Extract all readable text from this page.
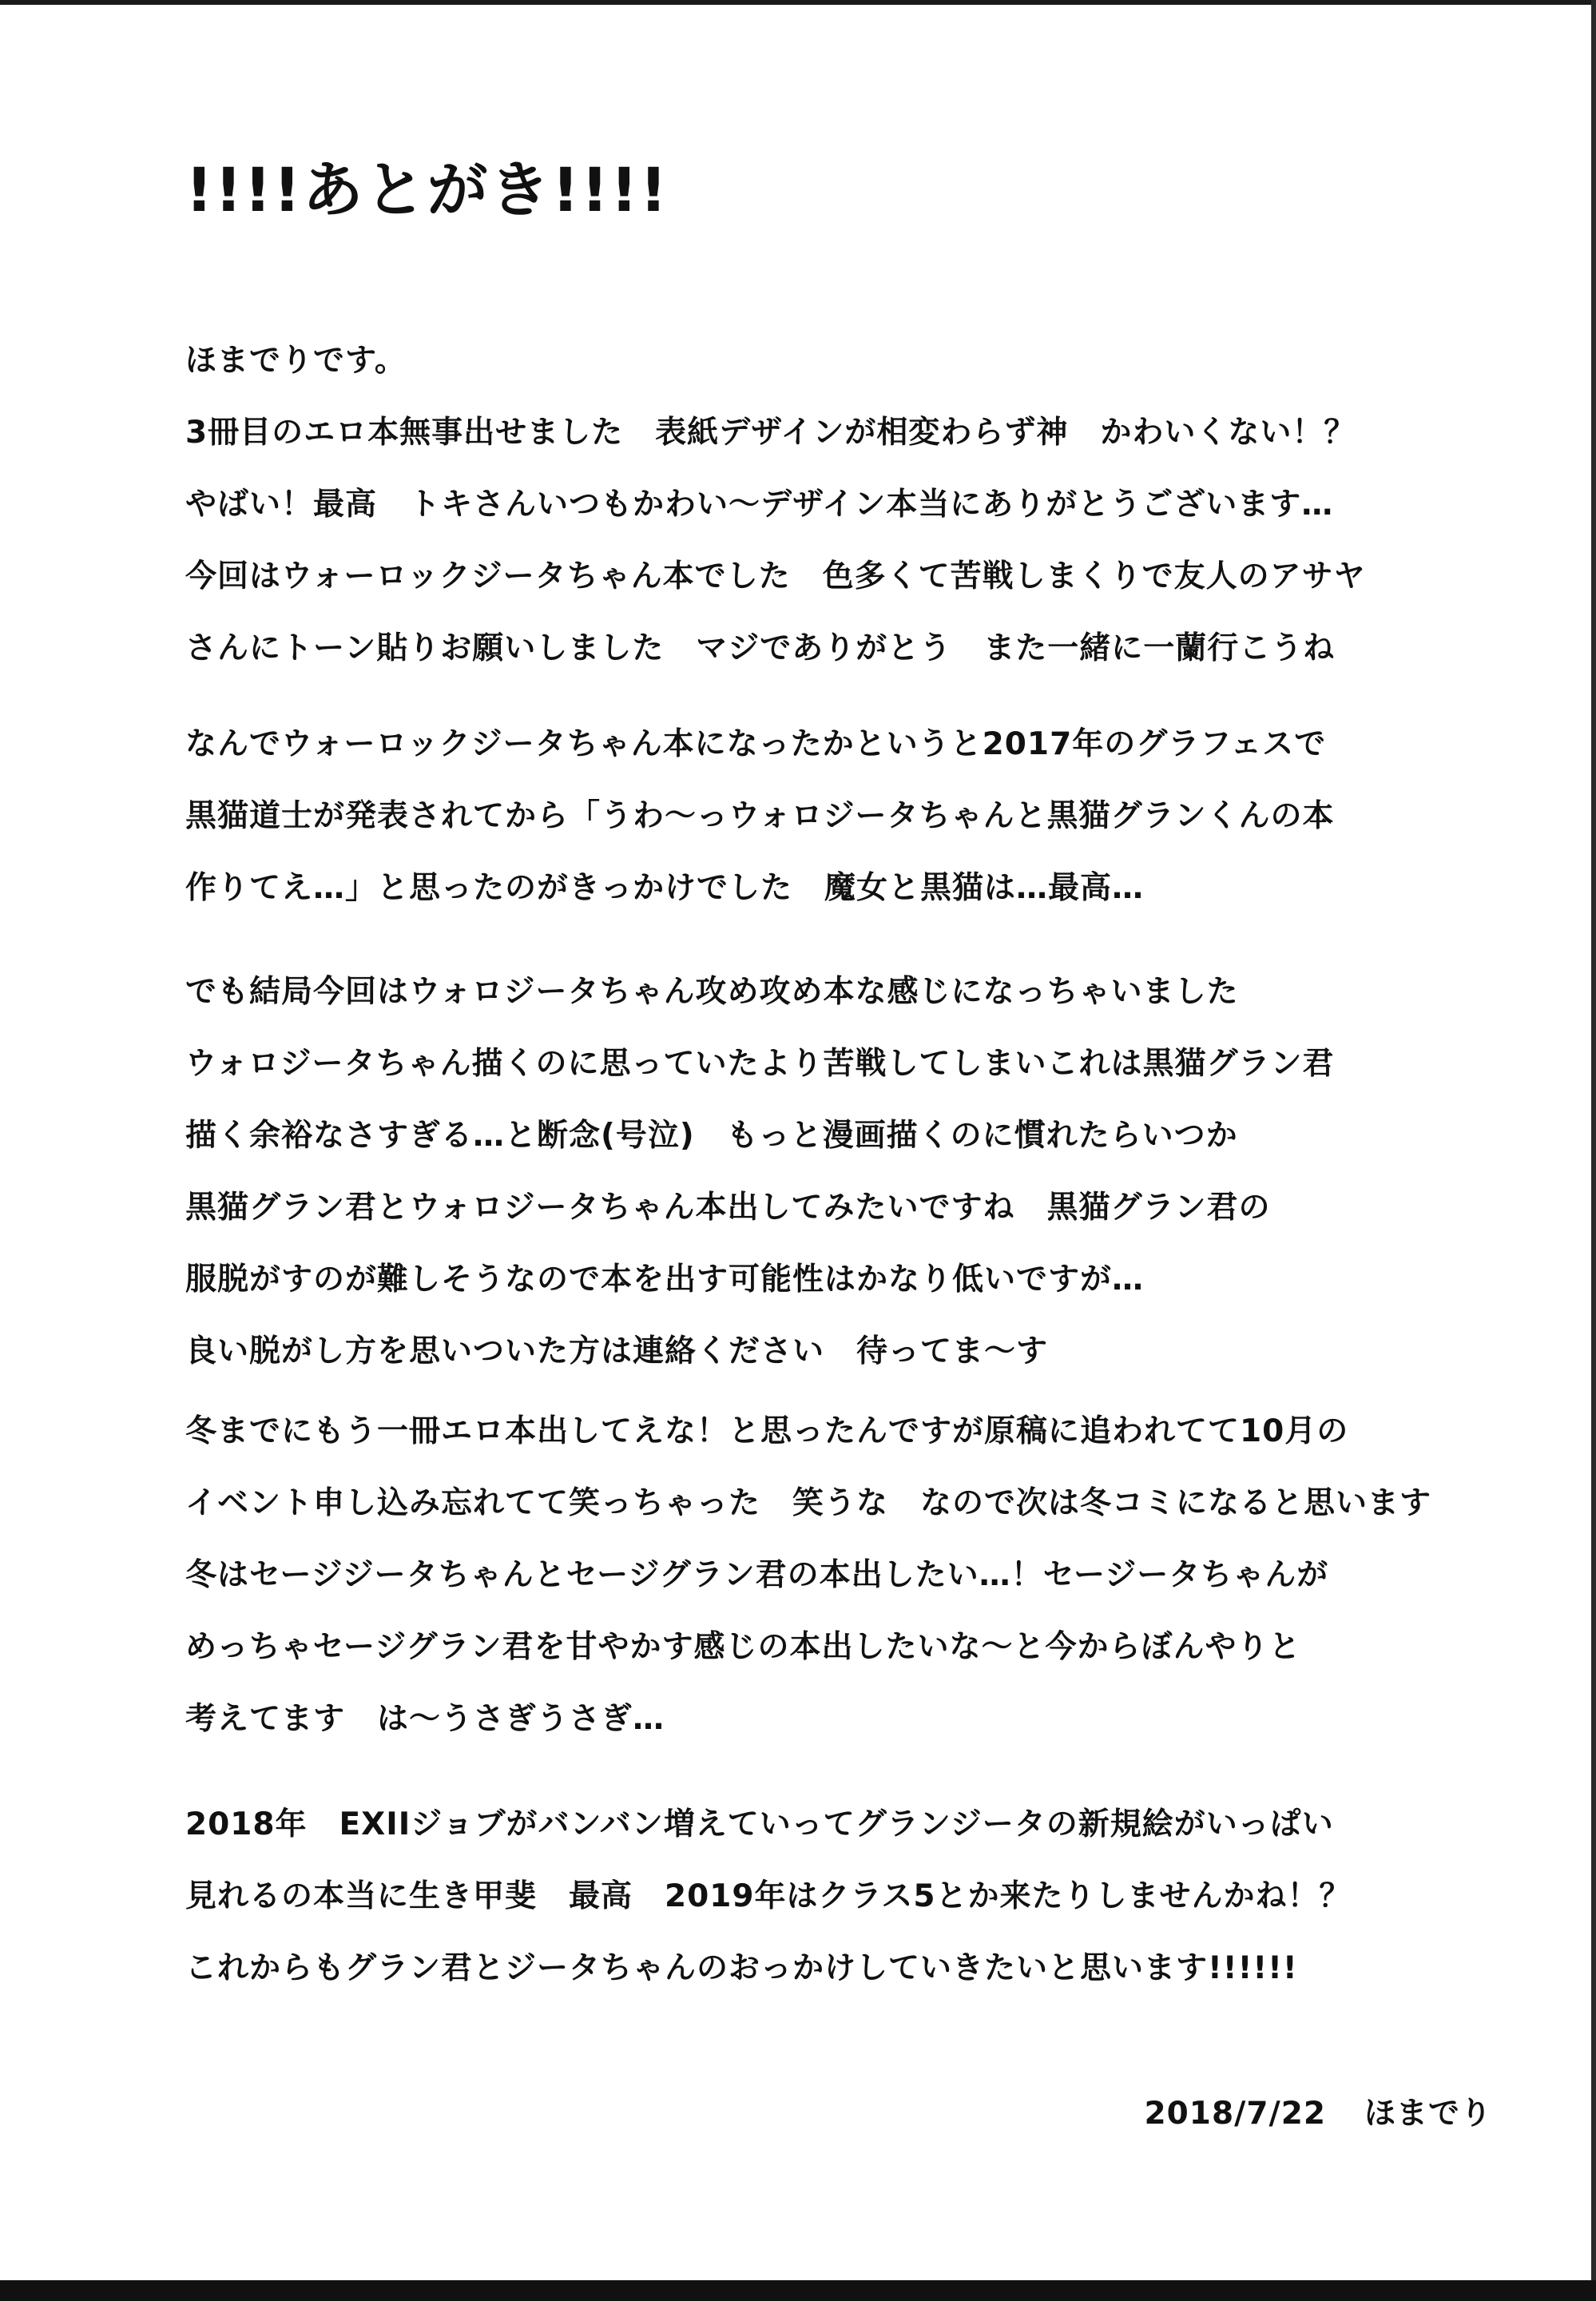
!!!!あとがき!!!!
ほまでりです。
3冊目のエロ本無事出せました　表紙デザインが相変わらず神　かわいくない！？
やばい！最高　トキさんいつもかわい～デザイン本当にありがとうございます…
今回はウォーロックジータちゃん本でした　色多くて苦戦しまくりで友人のアサヤ
さんにトーン貼りお願いしました　マジでありがとう　また一緒に一蘭行こうね
なんでウォーロックジータちゃん本になったかというと2017年のグラフェスで
黒猫道士が発表されてから「うわ～っウォロジータちゃんと黒猫グランくんの本
作りてえ…」と思ったのがきっかけでした　魔女と黒猫は…最高…
でも結局今回はウォロジータちゃん攻め攻め本な感じになっちゃいました
ウォロジータちゃん描くのに思っていたより苦戦してしまいこれは黒猫グラン君
描く余裕なさすぎる…と断念(号泣)　もっと漫画描くのに慣れたらいつか
黒猫グラン君とウォロジータちゃん本出してみたいですね　黒猫グラン君の
服脱がすのが難しそうなので本を出す可能性はかなり低いですが…
良い脱がし方を思いついた方は連絡ください　待ってま～す
冬までにもう一冊エロ本出してえな！と思ったんですが原稿に追われてて10月の
イベント申し込み忘れてて笑っちゃった　笑うな　なので次は冬コミになると思います
冬はセージジータちゃんとセージグラン君の本出したい…！セージータちゃんが
めっちゃセージグラン君を甘やかす感じの本出したいな～と今からぼんやりと
考えてます　は～うさぎうさぎ…
2018年　EXIIジョブがバンバン増えていってグランジータの新規絵がいっぱい
見れるの本当に生き甲斐　最高　2019年はクラス5とか来たりしませんかね！？
これからもグラン君とジータちゃんのおっかけしていきたいと思います!!!!!!
2018/7/22 ほまでり
